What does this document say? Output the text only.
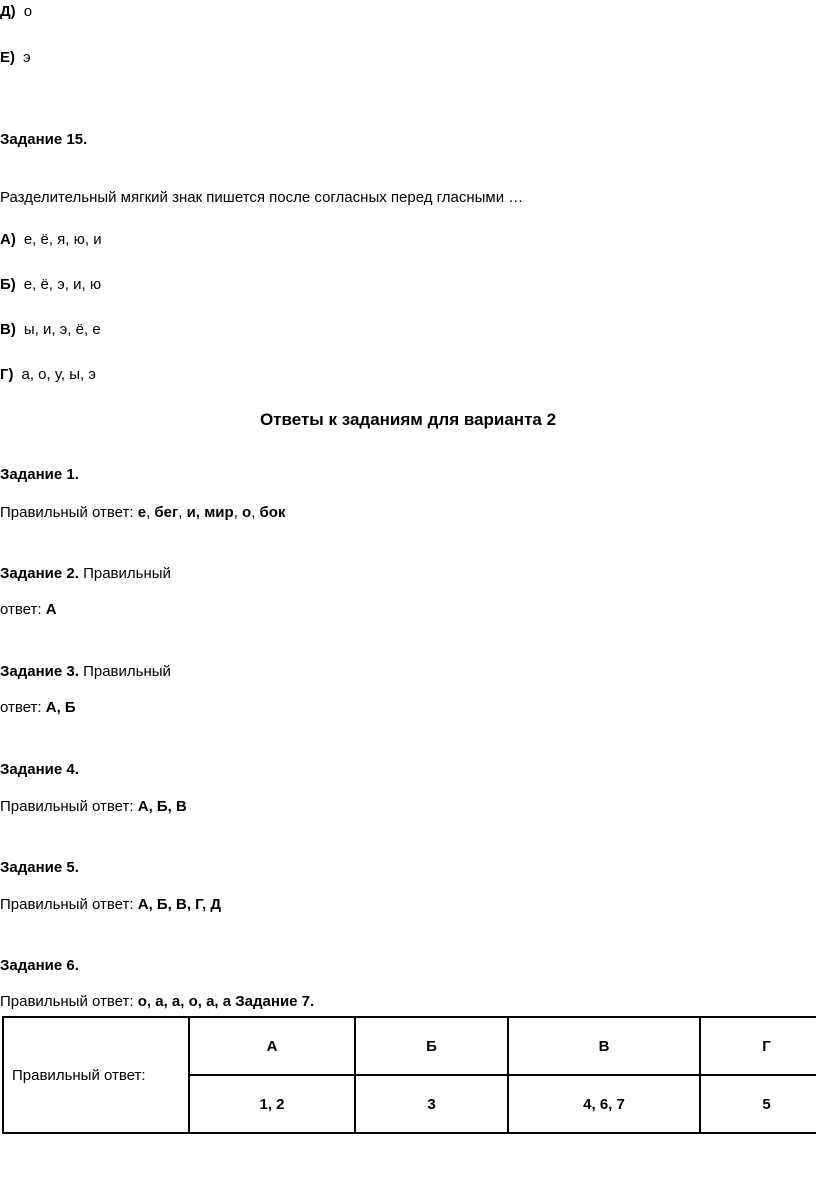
Д) о
Е) э
Задание 15.
Разделительный мягкий знак пишется после согласных перед гласными …
А) е, ё, я, ю, и
Б) е, ё, э, и, ю
В) ы, и, э, ё, е
Г) а, о, у, ы, э
Ответы к заданиям для варианта 2
Задание 1.
Правильный ответ: е, бег, и, мир, о, бок
Задание 2. Правильный
ответ: А
Задание 3. Правильный
ответ: А, Б
Задание 4.
Правильный ответ: А, Б, В
Задание 5.
Правильный ответ: А, Б, В, Г, Д
Задание 6.
Правильный ответ: о, а, а, о, а, а Задание 7.
Правильный ответ:	А	Б	В	Г
	1, 2	3	4, 6, 7	5
